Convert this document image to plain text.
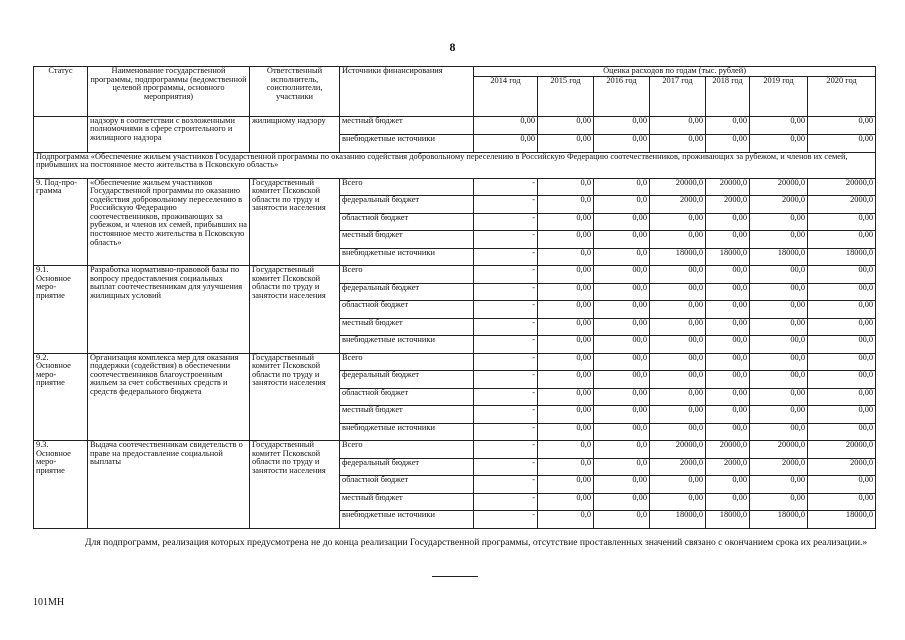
8
Статус	Наименование государственной программы, подпрограммы (ведомственной целевой программы, основного мероприятия)	Ответственный исполнитель, соисполнители, участники	Источники финансирования	Оценка расходов по годам (тыс. рублей)						
				2014 год	2015 год	2016 год	2017 год	2018 год	2019 год	2020 год
	надзору в соответствии с возложенными полномочиями в сфере строительного и жилищного надзора	жилищному надзору	местный бюджет	0,00	0,00	0,00	0,00	0,00	0,00	0,00
			внебюджетные источники	0,00	0,00	0,00	0,00	0,00	0,00	0,00
Подпрограмма «Обеспечение жильем участников Государственной программы по оказанию содействия добровольному переселению в Российскую Федерацию соотечественников, проживающих за рубежом, и членов их семей, прибывших на постоянное место жительства в Псковскую область»										
9. Под-про-грамма	«Обеспечение жильем участников Государственной программы по оказанию содействия добровольному переселению в Российскую Федерацию соотечественников, проживающих за рубежом, и членов их семей, прибывших на постоянное место жительства в Псковскую область»	Государственный комитет Псковской области по труду и занятости населения	Всего	-	0,0	0,0	20000,0	20000,0	20000,0	20000,0
			федеральный бюджет	-	0,0	0,0	2000,0	2000,0	2000,0	2000,0
			областной бюджет	-	0,00	0,00	0,00	0,00	0,00	0,00
			местный бюджет	-	0,00	0,00	0,00	0,00	0,00	0,00
			внебюджетные источники	-	0,0	0,0	18000,0	18000,0	18000,0	18000,0
9.1. Основное меро-приятие	Разработка нормативно-правовой базы по вопросу предоставления социальных выплат соотечественникам для улучшения жилищных условий	Государственный комитет Псковской области по труду и занятости населения	Всего	-	0,00	00,0	00,0	00,0	00,0	00,0
			федеральный бюджет	-	0,00	00,0	00,0	00,0	00,0	00,0
			областной бюджет	-	0,00	0,00	0,00	0,00	0,00	0,00
			местный бюджет	-	0,00	0,00	0,00	0,00	0,00	0,00
			внебюджетные источники	-	0,00	00,0	00,0	00,0	00,0	00,0
9.2. Основное меро-приятие	Организация комплекса мер для оказания поддержки (содействия) в обеспечении соотечественников благоустроенным жильем за счет собственных средств и средств федерального бюджета	Государственный комитет Псковской области по труду и занятости населения	Всего	-	0,00	00,0	00,0	00,0	00,0	00,0
			федеральный бюджет	-	0,00	00,0	00,0	00,0	00,0	00,0
			областной бюджет	-	0,00	0,00	0,00	0,00	0,00	0,00
			местный бюджет	-	0,00	0,00	0,00	0,00	0,00	0,00
			внебюджетные источники	-	0,00	00,0	00,0	00,0	00,0	00,0
9.3. Основное меро-приятие	Выдача соотечественникам свидетельств о праве на предоставление социальной выплаты	Государственный комитет Псковской области по труду и занятости населения	Всего	-	0,0	0,0	20000,0	20000,0	20000,0	20000,0
			федеральный бюджет	-	0,0	0,0	2000,0	2000,0	2000,0	2000,0
			областной бюджет	-	0,00	0,00	0,00	0,00	0,00	0,00
			местный бюджет	-	0,00	0,00	0,00	0,00	0,00	0,00
			внебюджетные источники	-	0,0	0,0	18000,0	18000,0	18000,0	18000,0
Для подпрограмм, реализация которых предусмотрена не до конца реализации Государственной программы, отсутствие проставленных значений связано с окончанием срока их реализации.»
101МН
